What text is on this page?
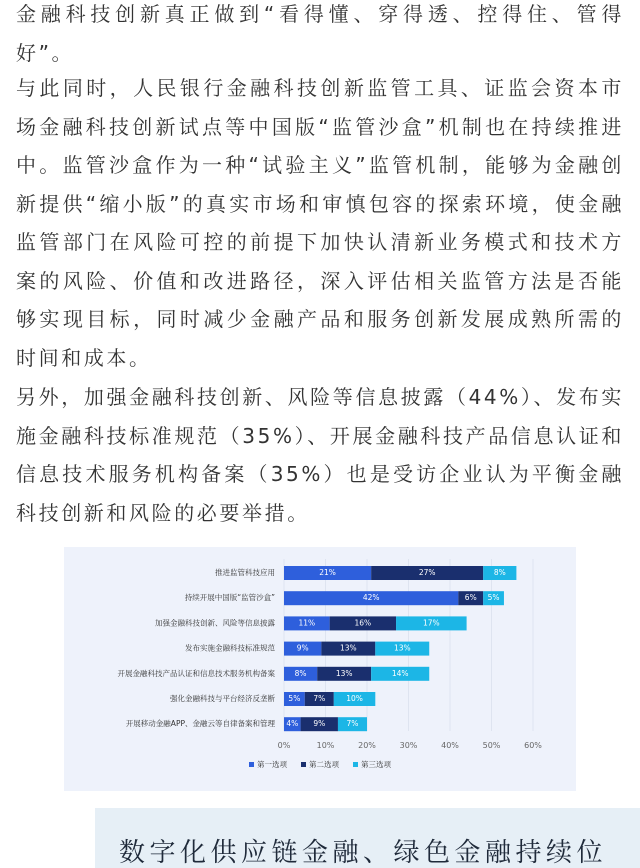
金融科技创新真正做到“看得懂、穿得透、控得住、管得好”。

与此同时，人民银行金融科技创新监管工具、证监会资本市场金融科技创新试点等中国版“监管沙盒”机制也在持续推进中。监管沙盒作为一种“试验主义”监管机制，能够为金融创新提供“缩小版”的真实市场和审慎包容的探索环境，使金融监管部门在风险可控的前提下加快认清新业务模式和技术方案的风险、价值和改进路径，深入评估相关监管方法是否能够实现目标，同时减少金融产品和服务创新发展成熟所需的时间和成本。

另外，加强金融科技创新、风险等信息披露（44%）、发布实施金融科技标准规范（35%）、开展金融科技产品信息认证和信息技术服务机构备案（35%）也是受访企业认为平衡金融科技创新和风险的必要举措。

0%	10%	20%	30%	40%	50%	60%
推进监管科技应用	21%	27%	8%
持续开展中国版“监管沙盒”	42%	6% 5%
加强金融科技创新、风险等信息披露	11%	16%	17%
发布实施金融科技标准规范	9%	13%	13%
开展金融科技产品认证和信息技术服务机构备案	8%	13%	14%
强化金融科技与平台经济反垄断 5% 7%	10%
开展移动金融APP、金融云等自律备案和管理 4% 9%	7%
第一选项	第二选项	第三选项
数字化供应链金融、绿色金融持续位
